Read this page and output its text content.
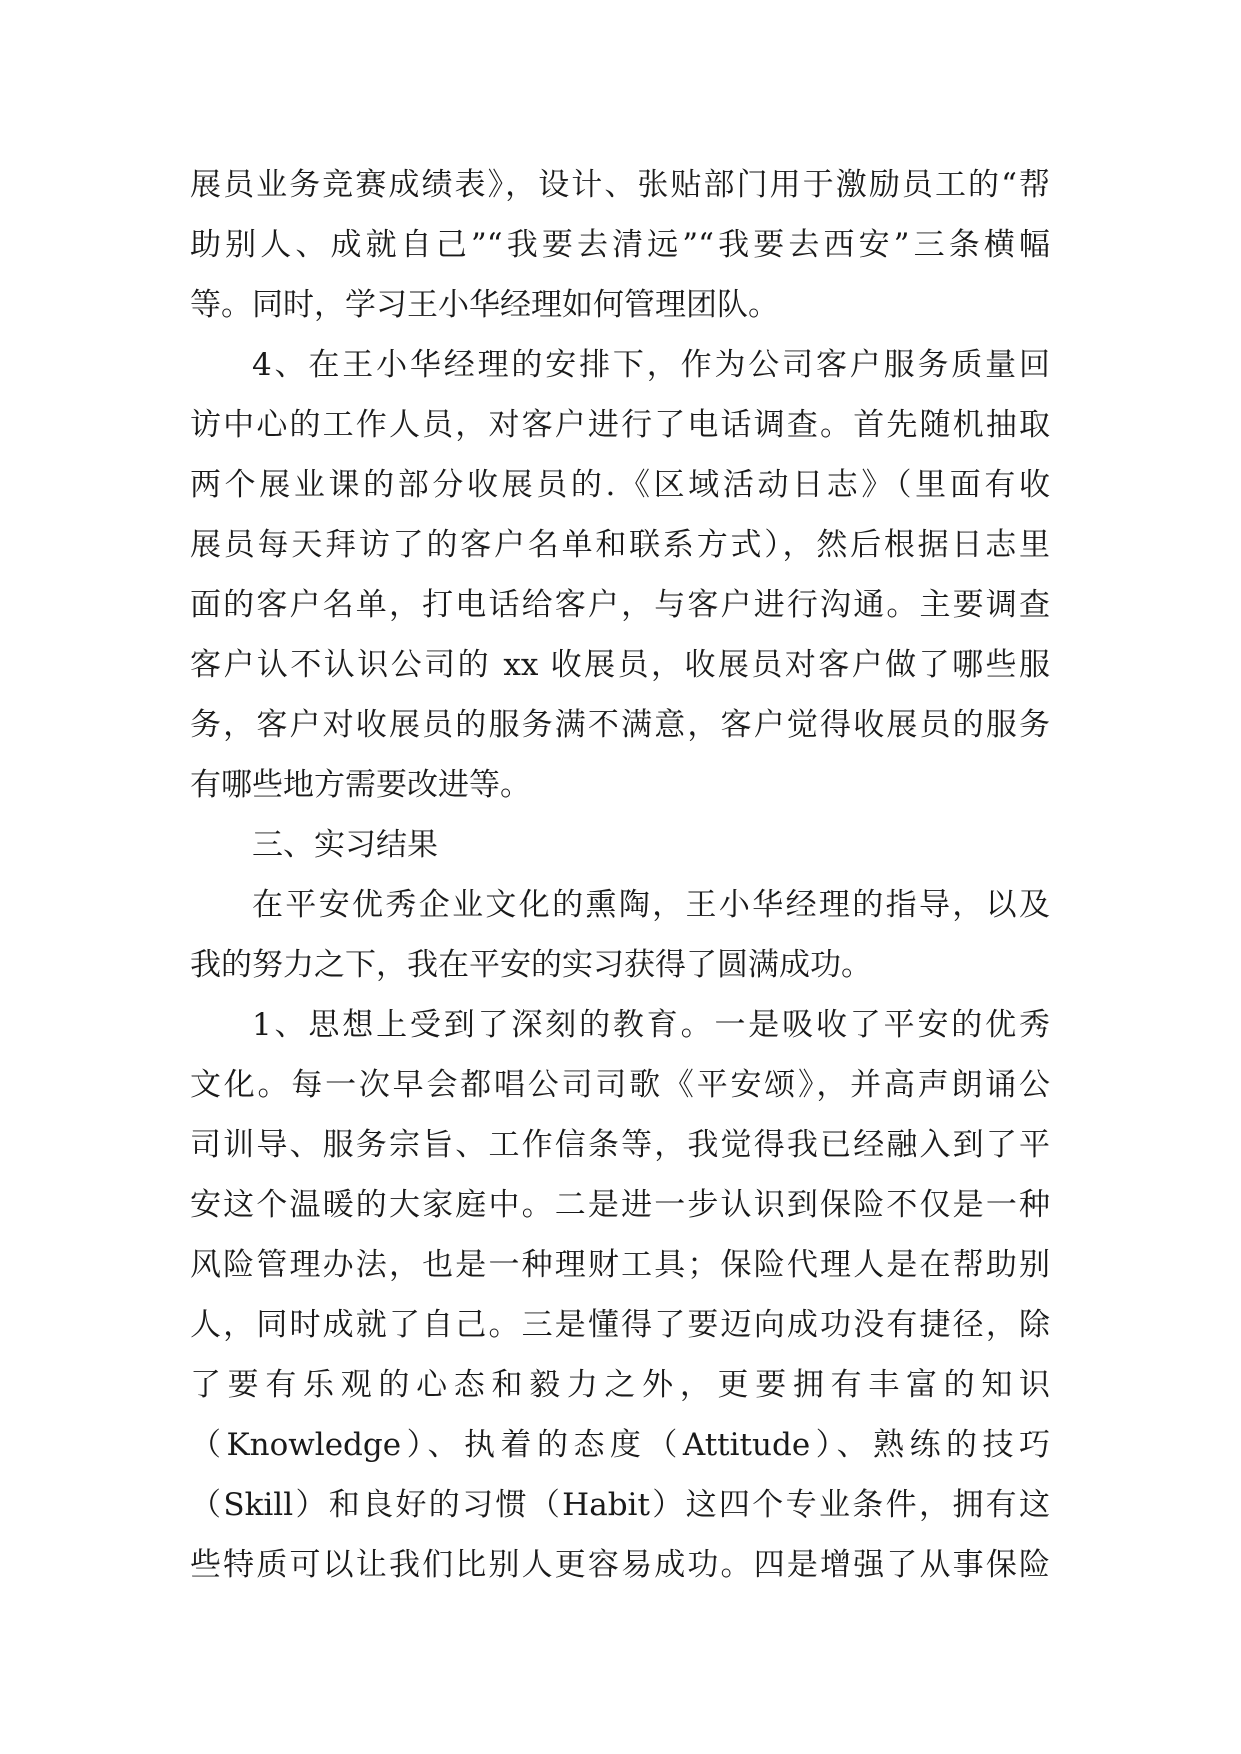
展员业务竞赛成绩表》，设计、张贴部门用于激励员工的“帮
助别人、成就自己”“我要去清远”“我要去西安”三条横幅
等。同时，学习王小华经理如何管理团队。
4、在王小华经理的安排下，作为公司客户服务质量回
访中心的工作人员，对客户进行了电话调查。首先随机抽取
两个展业课的部分收展员的.《区域活动日志》（里面有收
展员每天拜访了的客户名单和联系方式），然后根据日志里
面的客户名单，打电话给客户，与客户进行沟通。主要调查
客户认不认识公司的 xx 收展员，收展员对客户做了哪些服
务，客户对收展员的服务满不满意，客户觉得收展员的服务
有哪些地方需要改进等。
三、实习结果
在平安优秀企业文化的熏陶，王小华经理的指导，以及
我的努力之下，我在平安的实习获得了圆满成功。
1、思想上受到了深刻的教育。一是吸收了平安的优秀
文化。每一次早会都唱公司司歌《平安颂》，并高声朗诵公
司训导、服务宗旨、工作信条等，我觉得我已经融入到了平
安这个温暖的大家庭中。二是进一步认识到保险不仅是一种
风险管理办法，也是一种理财工具；保险代理人是在帮助别
人，同时成就了自己。三是懂得了要迈向成功没有捷径，除
了要有乐观的心态和毅力之外，更要拥有丰富的知识
（Knowledge）、执着的态度（Attitude）、熟练的技巧
（Skill）和良好的习惯（Habit）这四个专业条件，拥有这
些特质可以让我们比别人更容易成功。四是增强了从事保险
